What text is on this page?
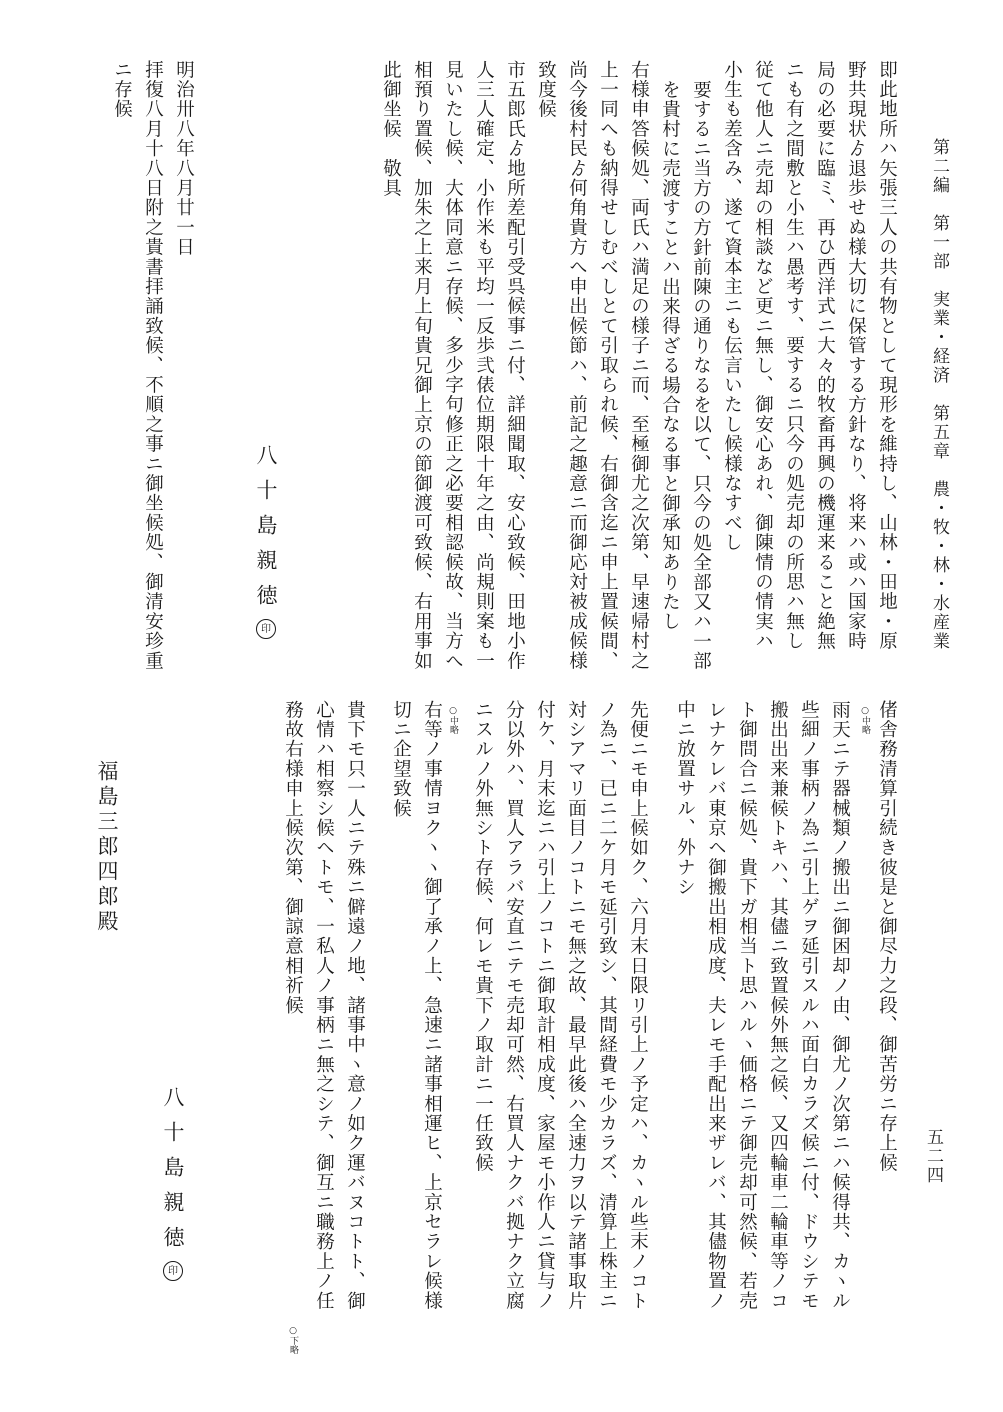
五二四
第二編　第一部　実業・経済　第五章　農・牧・林・水産業
即此地所ハ矢張三人の共有物として現形を維持し、山林・田地・原
野共現状ゟ退歩せぬ様大切に保管する方針なり、将来ハ或ハ国家時
局の必要に臨ミ、再ひ西洋式ニ大々的牧畜再興の機運来ること絶無
ニも有之間敷と小生ハ愚考す、要するニ只今の処売却の所思ハ無し
従て他人ニ売却の相談など更ニ無し、御安心あれ、御陳情の情実ハ
小生も差含み、遂て資本主ニも伝言いたし候様なすべし
要するニ当方の方針前陳の通りなるを以て、只今の処全部又ハ一部
を貴村に売渡すことハ出来得ざる場合なる事と御承知ありたし
右様申答候処、両氏ハ満足の様子ニ而、至極御尤之次第、早速帰村之
上一同へも納得せしむべしとて引取られ候、右御含迄ニ申上置候間、
尚今後村民ゟ何角貴方へ申出候節ハ、前記之趣意ニ而御応対被成候様
致度候
市五郎氏ゟ地所差配引受呉候事ニ付、詳細聞取、安心致候、田地小作
人三人確定、小作米も平均一反歩弐俵位期限十年之由、尚規則案も一
見いたし候、大体同意ニ存候、多少字句修正之必要相認候故、当方へ
相預り置候、加朱之上来月上旬貴兄御上京の節御渡可致候、右用事如
此御坐候　敬具
八十島親徳印
明治卅八年八月廿一日
拝復八月十八日附之貴書拝誦致候、不順之事ニ御坐候処、御清安珍重
ニ存候
偖舎務清算引続き彼是と御尽力之段、御苦労ニ存上候
○中略
雨天ニテ器械類ノ搬出ニ御困却ノ由、御尤ノ次第ニハ候得共、カヽル
些細ノ事柄ノ為ニ引上ゲヲ延引スルハ面白カラズ候ニ付、ドウシテモ
搬出出来兼候トキハ、其儘ニ致置候外無之候、又四輪車二輪車等ノコ
ト御問合ニ候処、貴下ガ相当ト思ハルヽ価格ニテ御売却可然候、若売
レナケレバ東京ヘ御搬出相成度、夫レモ手配出来ザレバ、其儘物置ノ
中ニ放置サル、外ナシ
先便ニモ申上候如ク、六月末日限リ引上ノ予定ハ、カヽル些末ノコト
ノ為ニ、已ニ二ケ月モ延引致シ、其間経費モ少カラズ、清算上株主ニ
対シアマリ面目ノコトニモ無之故、最早此後ハ全速力ヲ以テ諸事取片
付ケ、月末迄ニハ引上ノコトニ御取計相成度、家屋モ小作人ニ貸与ノ
分以外ハ、買人アラバ安直ニテモ売却可然、右買人ナクバ拠ナク立腐
ニスルノ外無シト存候、何レモ貴下ノ取計ニ一任致候
○中略
右等ノ事情ヨクヽヽ御了承ノ上、急速ニ諸事相運ヒ、上京セラレ候様
切ニ企望致候
貴下モ只一人ニテ殊ニ僻遠ノ地、諸事中ヽ意ノ如ク運バヌコトト、御
心情ハ相察シ候ヘトモ、一私人ノ事柄ニ無之シテ、御互ニ職務上ノ任
務故右様申上候次第、御諒意相祈候
○下略
八十島親徳印
福島三郎四郎殿
